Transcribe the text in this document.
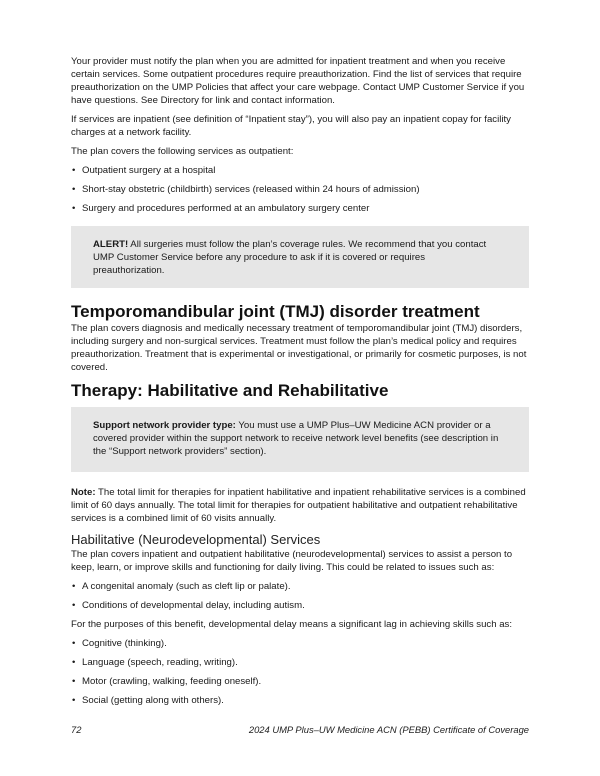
Your provider must notify the plan when you are admitted for inpatient treatment and when you receive certain services. Some outpatient procedures require preauthorization. Find the list of services that require preauthorization on the UMP Policies that affect your care webpage. Contact UMP Customer Service if you have questions. See Directory for link and contact information.

If services are inpatient (see definition of “Inpatient stay”), you will also pay an inpatient copay for facility charges at a network facility.

The plan covers the following services as outpatient:

• Outpatient surgery at a hospital
• Short-stay obstetric (childbirth) services (released within 24 hours of admission)
• Surgery and procedures performed at an ambulatory surgery center

ALERT! All surgeries must follow the plan’s coverage rules. We recommend that you contact UMP Customer Service before any procedure to ask if it is covered or requires preauthorization.

Temporomandibular joint (TMJ) disorder treatment

The plan covers diagnosis and medically necessary treatment of temporomandibular joint (TMJ) disorders, including surgery and non-surgical services. Treatment must follow the plan’s medical policy and requires preauthorization. Treatment that is experimental or investigational, or primarily for cosmetic purposes, is not covered.

Therapy: Habilitative and Rehabilitative

Support network provider type: You must use a UMP Plus–UW Medicine ACN provider or a covered provider within the support network to receive network level benefits (see description in the “Support network providers” section).

Note: The total limit for therapies for inpatient habilitative and inpatient rehabilitative services is a combined limit of 60 days annually. The total limit for therapies for outpatient habilitative and outpatient rehabilitative services is a combined limit of 60 visits annually.

Habilitative (Neurodevelopmental) Services

The plan covers inpatient and outpatient habilitative (neurodevelopmental) services to assist a person to keep, learn, or improve skills and functioning for daily living. This could be related to issues such as:

• A congenital anomaly (such as cleft lip or palate).
• Conditions of developmental delay, including autism.

For the purposes of this benefit, developmental delay means a significant lag in achieving skills such as:

• Cognitive (thinking).
• Language (speech, reading, writing).
• Motor (crawling, walking, feeding oneself).
• Social (getting along with others).
72	2024 UMP Plus–UW Medicine ACN (PEBB) Certificate of Coverage
